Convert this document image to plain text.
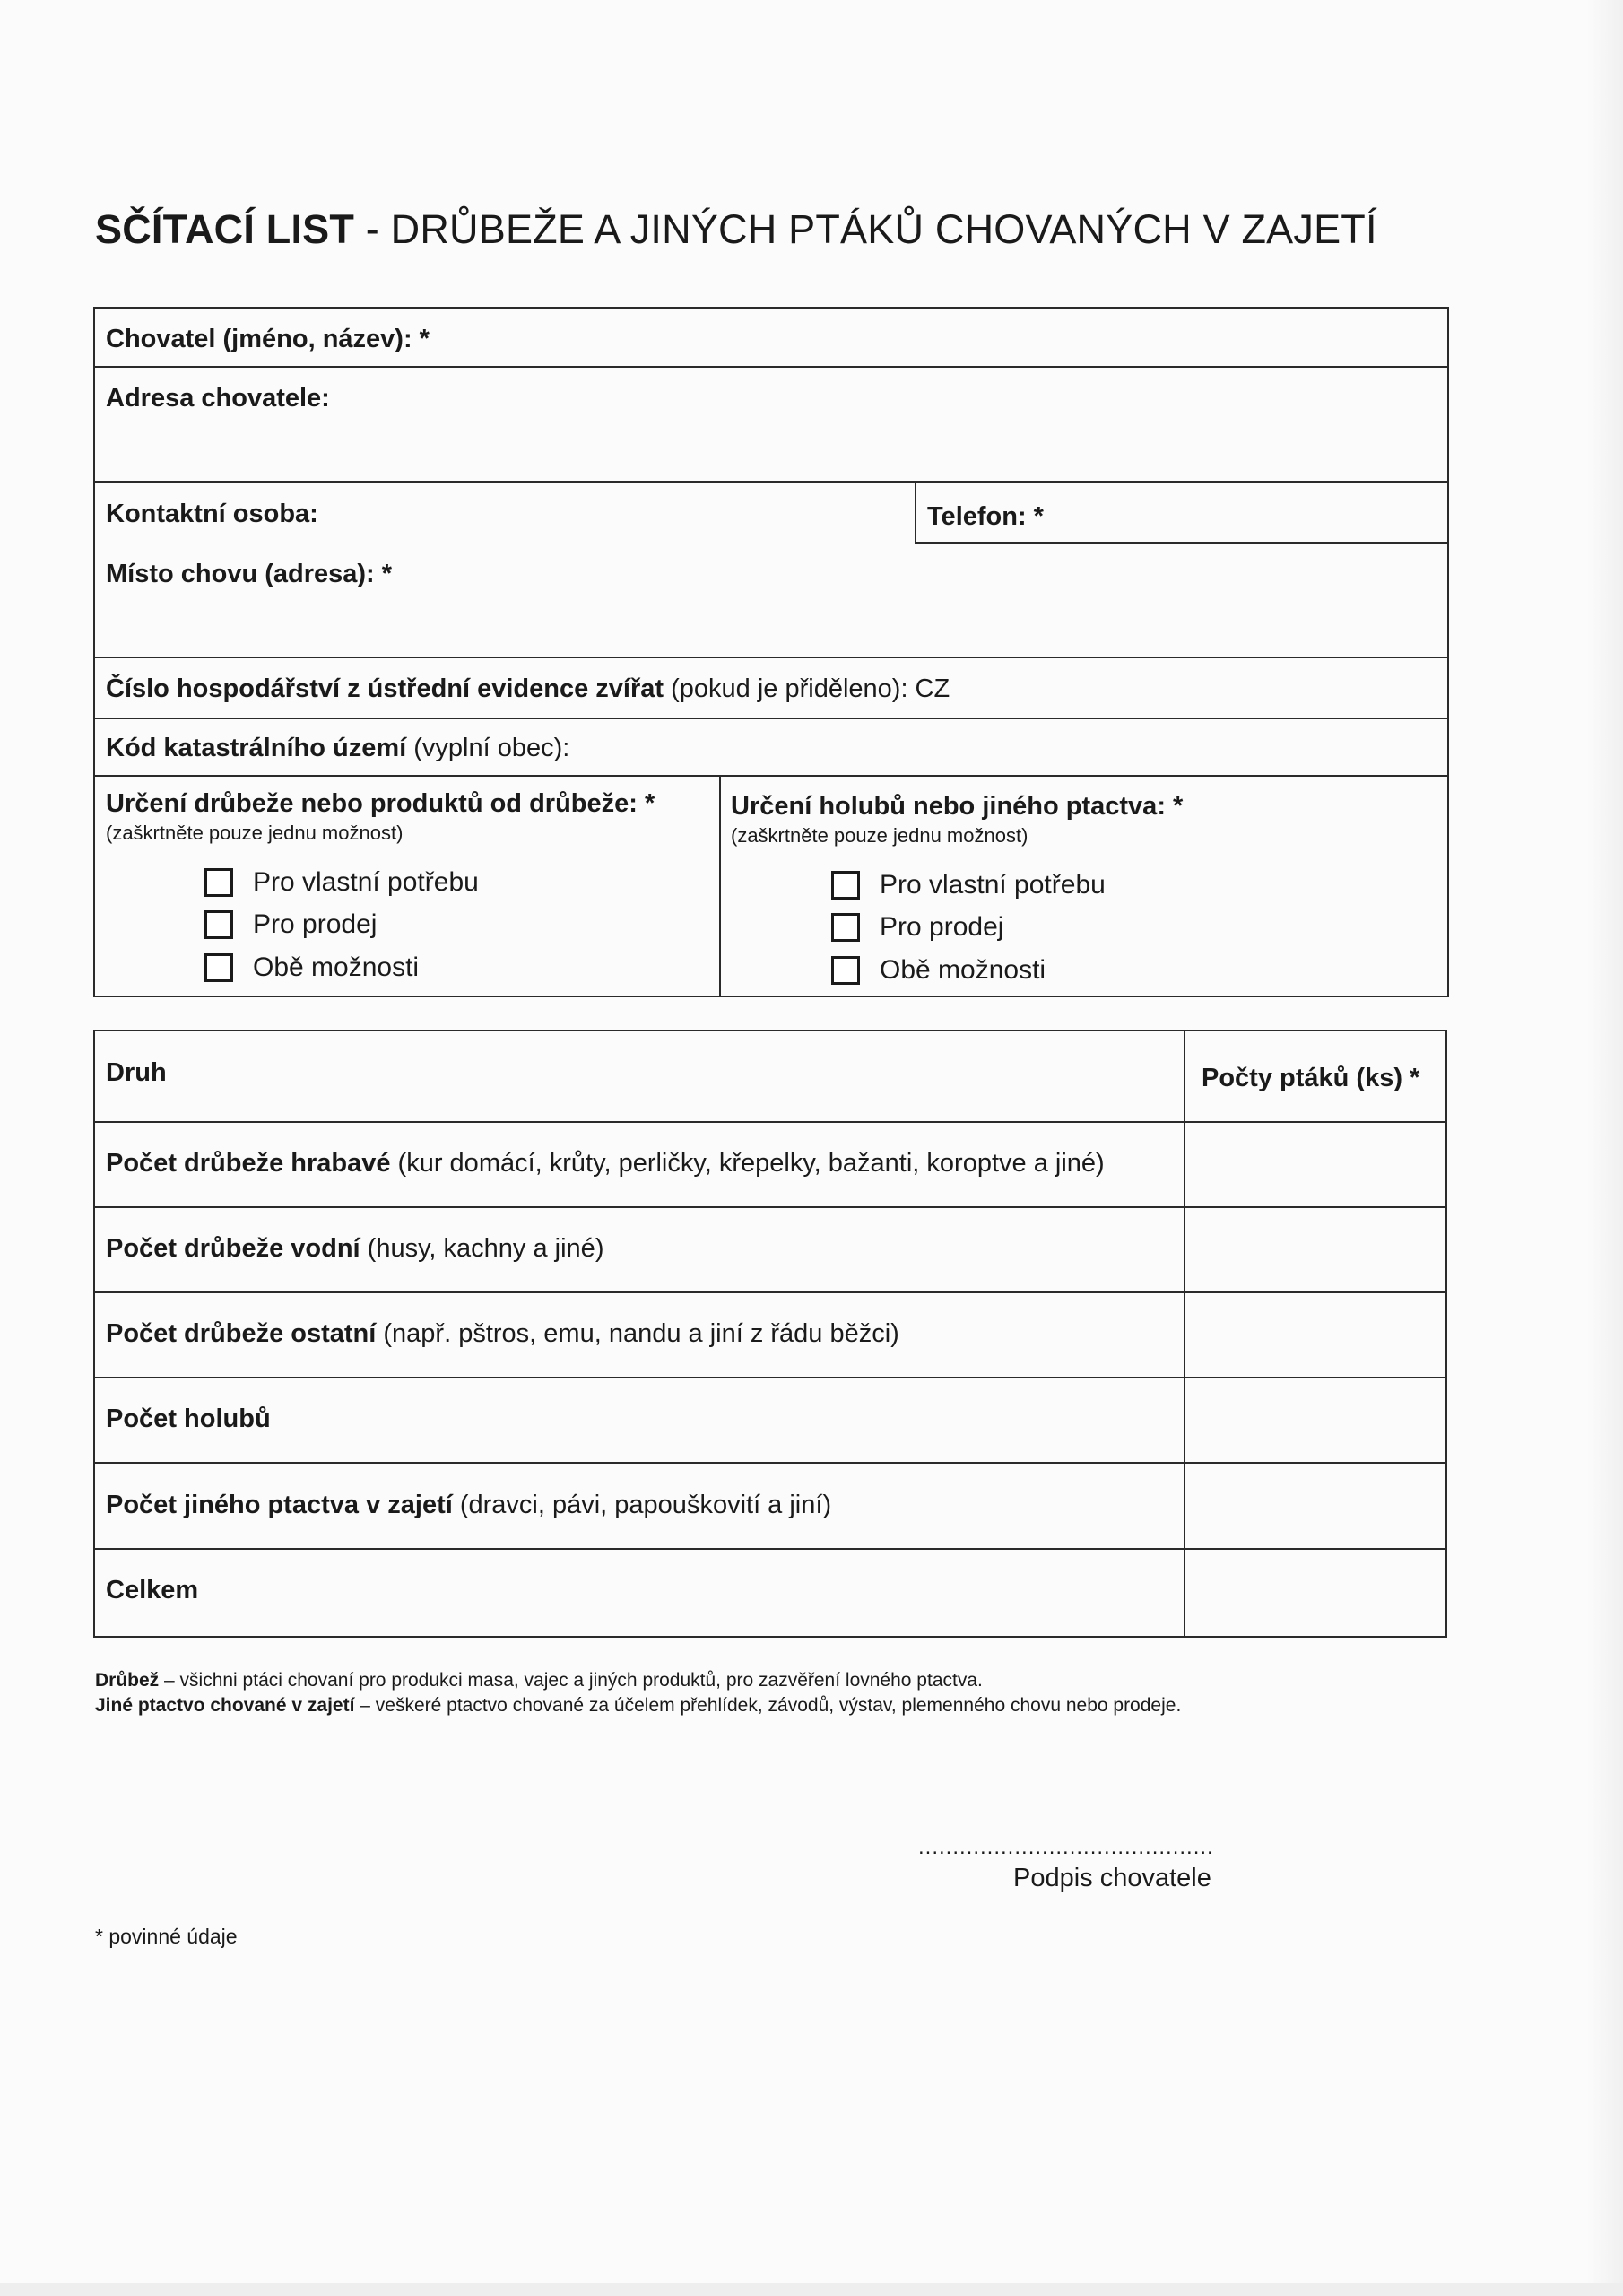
SČÍTACÍ LIST - DRŮBEŽE A JINÝCH PTÁKŮ CHOVANÝCH V ZAJETÍ
Chovatel (jméno, název): *
Adresa chovatele:
Kontaktní osoba:	Telefon: *
Místo chovu (adresa): *
Číslo hospodářství z ústřední evidence zvířat (pokud je přiděleno): CZ
Kód katastrálního území (vyplní obec):
Určení drůbeže nebo produktů od drůbeže: *
(zaškrtněte pouze jednu možnost)
Pro vlastní potřebu
Pro prodej
Obě možnosti
Určení holubů nebo jiného ptactva: *
(zaškrtněte pouze jednu možnost)
Pro vlastní potřebu
Pro prodej
Obě možnosti
Druh	Počty ptáků (ks) *
Počet drůbeže hrabavé (kur domácí, krůty, perličky, křepelky, bažanti, koroptve a jiné)
Počet drůbeže vodní (husy, kachny a jiné)
Počet drůbeže ostatní (např. pštros, emu, nandu a jiní z řádu běžci)
Počet holubů
Počet jiného ptactva v zajetí (dravci, pávi, papouškovití a jiní)
Celkem
Drůbež – všichni ptáci chovaní pro produkci masa, vajec a jiných produktů, pro zazvěření lovného ptactva.
Jiné ptactvo chované v zajetí – veškeré ptactvo chované za účelem přehlídek, závodů, výstav, plemenného chovu nebo prodeje.
...........................................
Podpis chovatele
* povinné údaje
